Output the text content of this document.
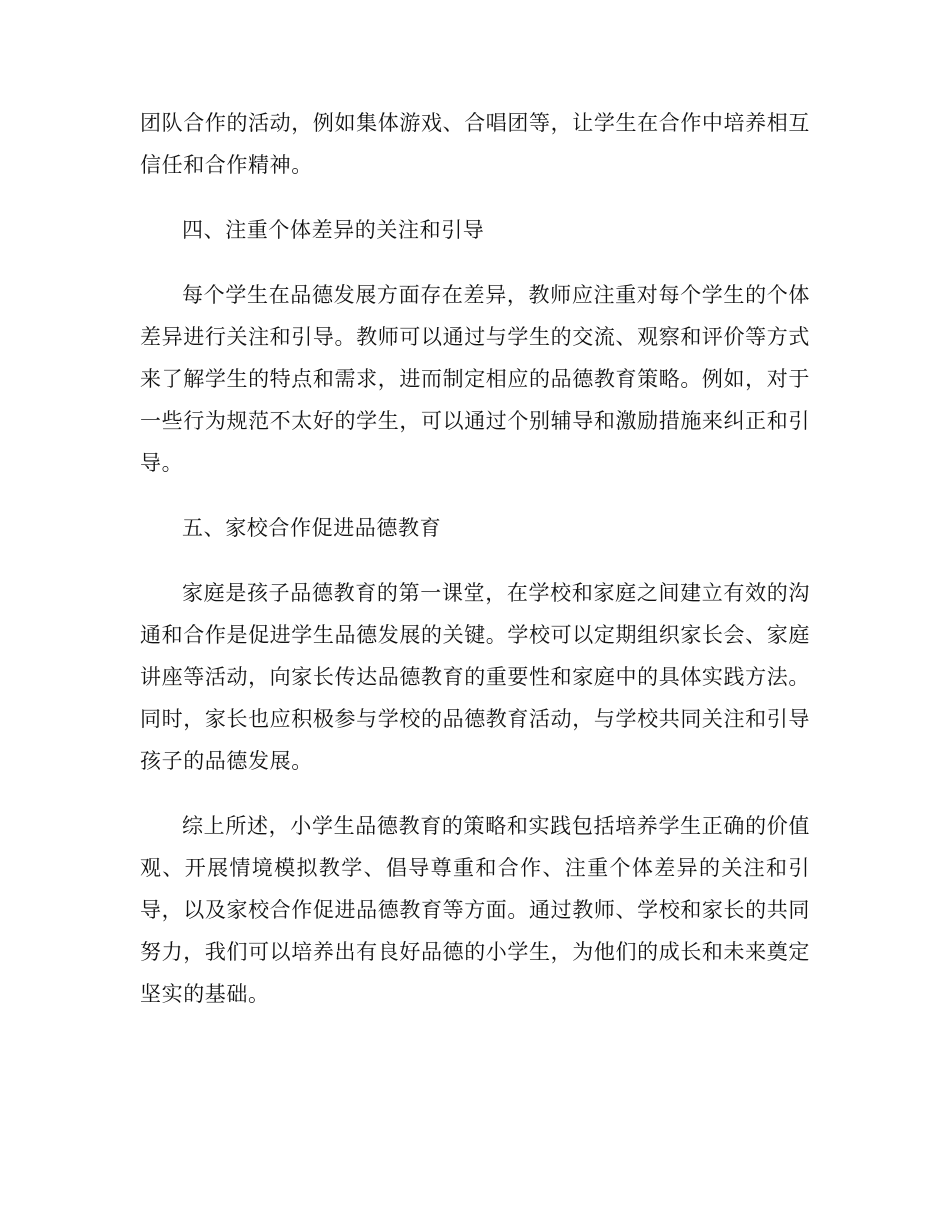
团队合作的活动，例如集体游戏、合唱团等，让学生在合作中培养相互信任和合作精神。

四、注重个体差异的关注和引导

每个学生在品德发展方面存在差异，教师应注重对每个学生的个体差异进行关注和引导。教师可以通过与学生的交流、观察和评价等方式来了解学生的特点和需求，进而制定相应的品德教育策略。例如，对于一些行为规范不太好的学生，可以通过个别辅导和激励措施来纠正和引导。

五、家校合作促进品德教育

家庭是孩子品德教育的第一课堂，在学校和家庭之间建立有效的沟通和合作是促进学生品德发展的关键。学校可以定期组织家长会、家庭讲座等活动，向家长传达品德教育的重要性和家庭中的具体实践方法。同时，家长也应积极参与学校的品德教育活动，与学校共同关注和引导孩子的品德发展。

综上所述，小学生品德教育的策略和实践包括培养学生正确的价值观、开展情境模拟教学、倡导尊重和合作、注重个体差异的关注和引导，以及家校合作促进品德教育等方面。通过教师、学校和家长的共同努力，我们可以培养出有良好品德的小学生，为他们的成长和未来奠定坚实的基础。
